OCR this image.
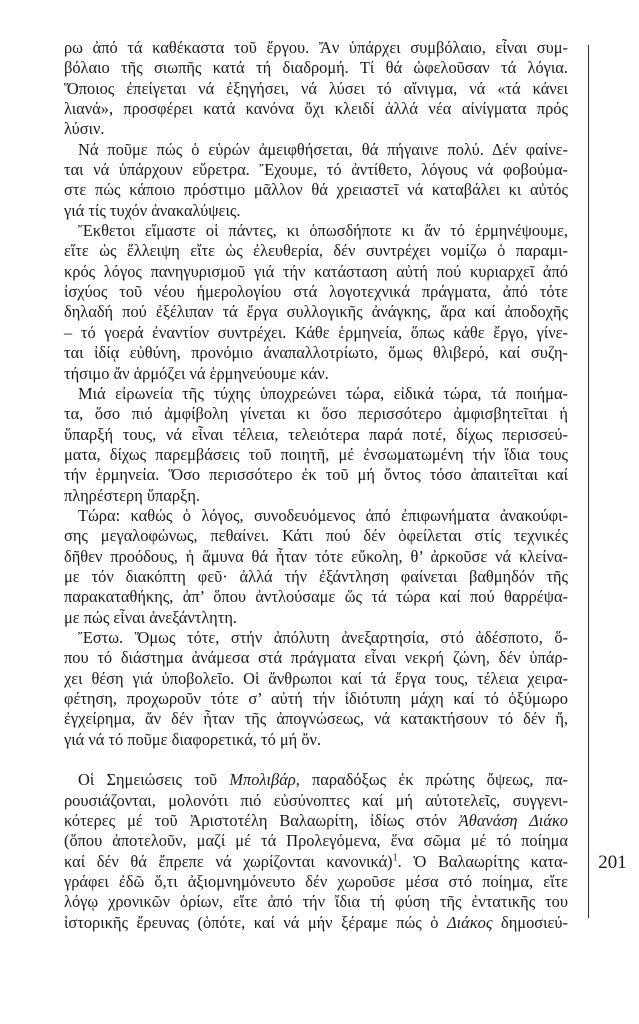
ρω ἀπό τά καθέκαστα τοῦ ἔργου. Ἄν ὑπάρχει συμβόλαιο, εἶναι συμ-
βόλαιο τῆς σιωπῆς κατά τή διαδρομή. Τί θά ὠφελοῦσαν τά λόγια.
Ὅποιος ἐπείγεται νά ἐξηγήσει, νά λύσει τό αἴνιγμα, νά «τά κάνει
λιανά», προσφέρει κατά κανόνα ὄχι κλειδί ἀλλά νέα αἰνίγματα πρός
λύσιν.
Νά ποῦμε πώς ὁ εὑρών ἀμειφθήσεται, θά πήγαινε πολύ. Δέν φαίνε-
ται νά ὑπάρχουν εὕρετρα. Ἔχουμε, τό ἀντίθετο, λόγους νά φοβούμα-
στε πώς κάποιο πρόστιμο μᾶλλον θά χρειαστεῖ νά καταβάλει κι αὐτός
γιά τίς τυχόν ἀνακαλύψεις.
Ἔκθετοι εἴμαστε οἱ πάντες, κι ὁπωσδήποτε κι ἄν τό ἑρμηνέψουμε,
εἴτε ὡς ἔλλειψη εἴτε ὡς ἐλευθερία, δέν συντρέχει νομίζω ὁ παραμι-
κρός λόγος πανηγυρισμοῦ γιά τήν κατάσταση αὐτή πού κυριαρχεῖ ἀπό
ἰσχύος τοῦ νέου ἡμερολογίου στά λογοτεχνικά πράγματα, ἀπό τότε
δηλαδή πού ἐξέλιπαν τά ἔργα συλλογικῆς ἀνάγκης, ἄρα καί ἀποδοχῆς
– τό γοερά ἐναντίον συντρέχει. Κάθε ἑρμηνεία, ὅπως κάθε ἔργο, γίνε-
ται ἰδίᾳ εὐθύνη, προνόμιο ἀναπαλλοτρίωτο, ὅμως θλιβερό, καί συζη-
τήσιμο ἄν ἁρμόζει νά ἑρμηνεύουμε κάν.
Μιά εἰρωνεία τῆς τύχης ὑποχρεώνει τώρα, εἰδικά τώρα, τά ποιήμα-
τα, ὅσο πιό ἀμφίβολη γίνεται κι ὅσο περισσότερο ἀμφισβητεῖται ἡ
ὕπαρξή τους, νά εἶναι τέλεια, τελειότερα παρά ποτέ, δίχως περισσεύ-
ματα, δίχως παρεμβάσεις τοῦ ποιητῆ, μέ ἐνσωματωμένη τήν ἴδια τους
τήν ἑρμηνεία. Ὅσο περισσότερο ἐκ τοῦ μή ὄντος τόσο ἀπαιτεῖται καί
πληρέστερη ὕπαρξη.
Τώρα: καθώς ὁ λόγος, συνοδευόμενος ἀπό ἐπιφωνήματα ἀνακούφι-
σης μεγαλοφώνως, πεθαίνει. Κάτι πού δέν ὀφείλεται στίς τεχνικές
δῆθεν προόδους, ἡ ἄμυνα θά ἦταν τότε εὔκολη, θ’ ἀρκοῦσε νά κλείνα-
με τόν διακόπτη φεῦ· ἀλλά τήν ἐξάντληση φαίνεται βαθμηδόν τῆς
παρακαταθήκης, ἀπ’ ὅπου ἀντλούσαμε ὥς τά τώρα καί πού θαρρέψα-
με πώς εἶναι ἀνεξάντλητη.
Ἔστω. Ὅμως τότε, στήν ἀπόλυτη ἀνεξαρτησία, στό ἀδέσποτο, ὅ-
που τό διάστημα ἀνάμεσα στά πράγματα εἶναι νεκρή ζώνη, δέν ὑπάρ-
χει θέση γιά ὑποβολεῖο. Οἱ ἄνθρωποι καί τά ἔργα τους, τέλεια χειρα-
φέτηση, προχωροῦν τότε σ’ αὐτή τήν ἰδιότυπη μάχη καί τό ὀξύμωρο
ἐγχείρημα, ἄν δέν ἦταν τῆς ἀπογνώσεως, νά κατακτήσουν τό δέν ἤ,
γιά νά τό ποῦμε διαφορετικά, τό μή ὄν.
Οἱ Σημειώσεις τοῦ Μπολιβάρ, παραδόξως ἐκ πρώτης ὄψεως, πα-
ρουσιάζονται, μολονότι πιό εὐσύνοπτες καί μή αὐτοτελεῖς, συγγενι-
κότερες μέ τοῦ Ἀριστοτέλη Βαλαωρίτη, ἰδίως στόν Ἀθανάση Διάκο
(ὅπου ἀποτελοῦν, μαζί μέ τά Προλεγόμενα, ἕνα σῶμα μέ τό ποίημα
καί δέν θά ἔπρεπε νά χωρίζονται κανονικά)$^1$. Ὁ Βαλαωρίτης κατα-
γράφει ἐδῶ ὅ,τι ἀξιομνημόνευτο δέν χωροῦσε μέσα στό ποίημα, εἴτε
λόγῳ χρονικῶν ὁρίων, εἴτε ἀπό τήν ἴδια τή φύση τῆς ἐντατικῆς του
ἱστορικῆς ἔρευνας (ὁπότε, καί νά μήν ξέραμε πώς ὁ Διάκος δημοσιεύ-
201
